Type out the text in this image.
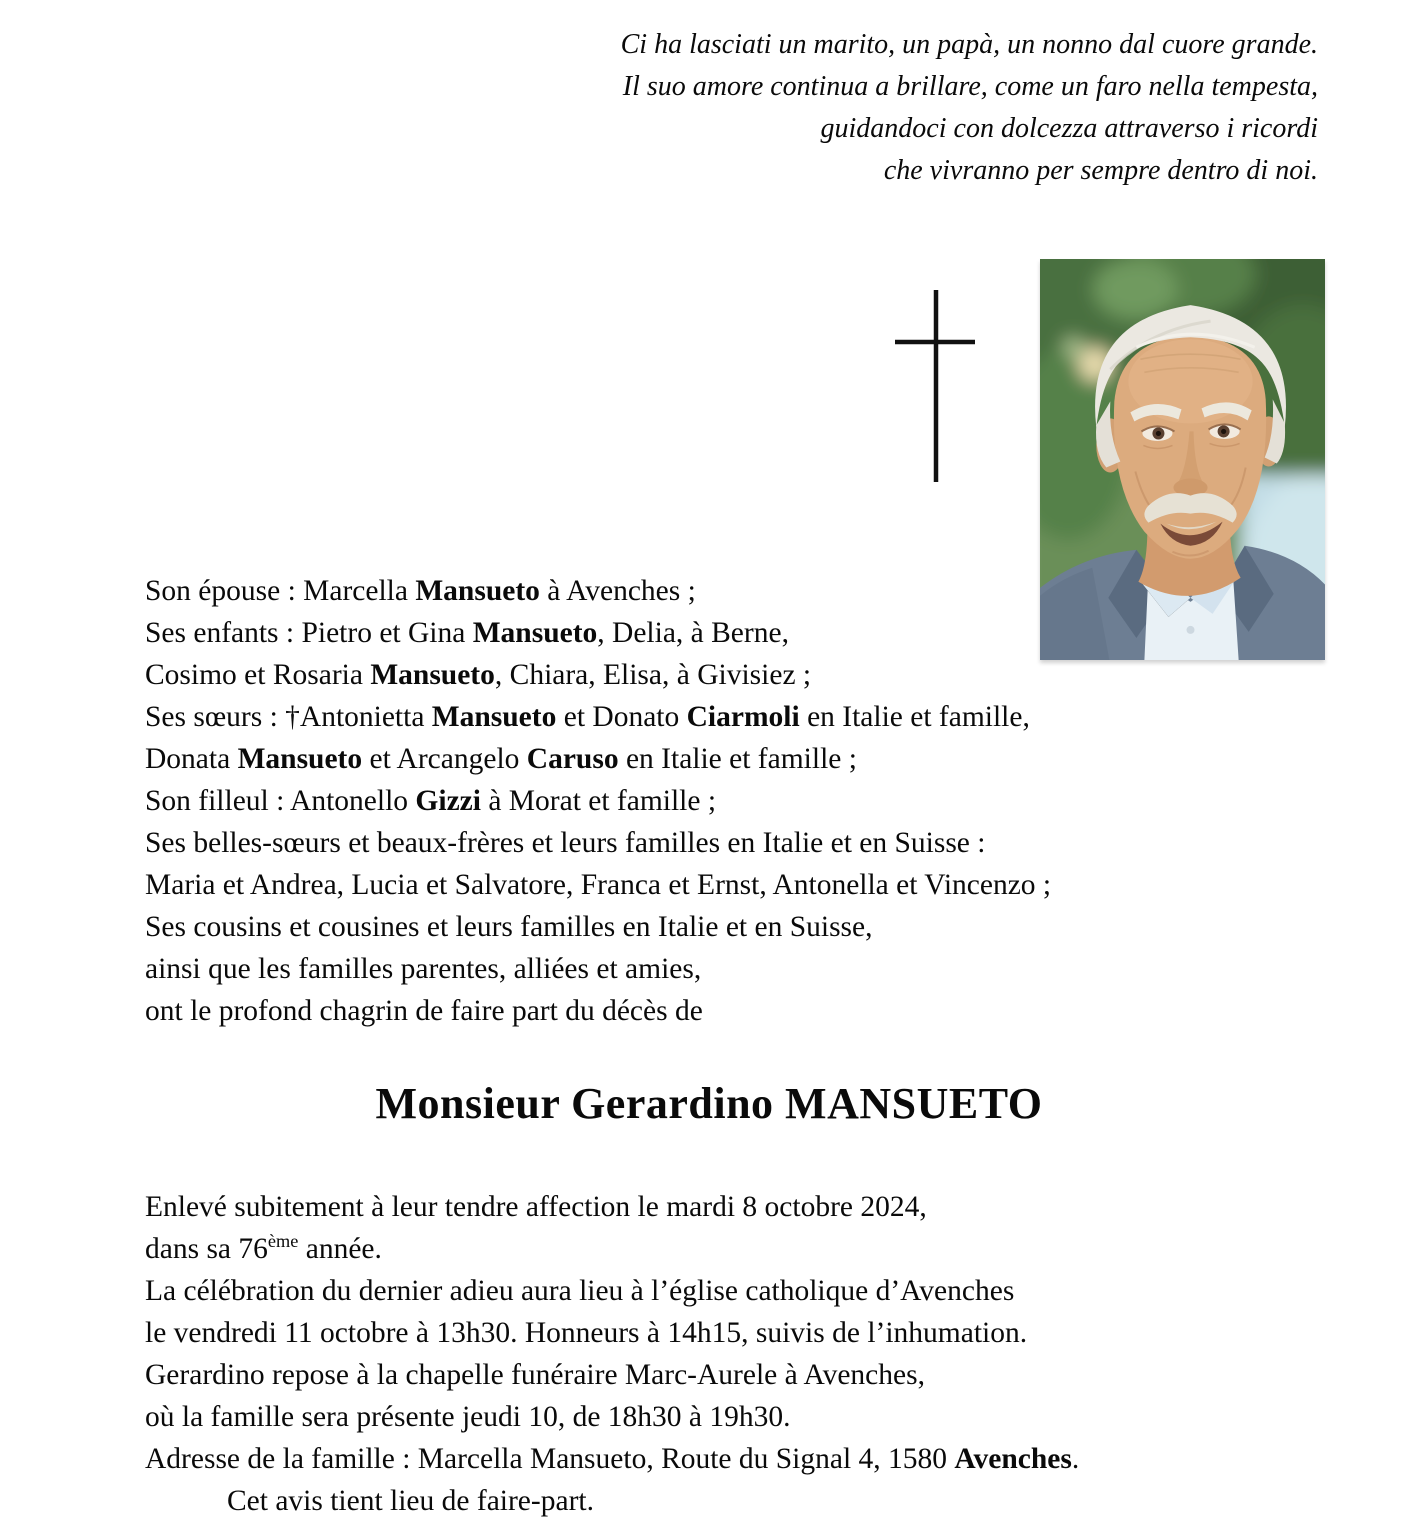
Ci ha lasciati un marito, un papà, un nonno dal cuore grande.
Il suo amore continua a brillare, come un faro nella tempesta,
guidandoci con dolcezza attraverso i ricordi
che vivranno per sempre dentro di noi.
Son épouse : Marcella Mansueto à Avenches ;
Ses enfants : Pietro et Gina Mansueto, Delia, à Berne,
Cosimo et Rosaria Mansueto, Chiara, Elisa, à Givisiez ;
Ses sœurs : †Antonietta Mansueto et Donato Ciarmoli en Italie et famille,
Donata Mansueto et Arcangelo Caruso en Italie et famille ;
Son filleul : Antonello Gizzi à Morat et famille ;
Ses belles-sœurs et beaux-frères et leurs familles en Italie et en Suisse :
Maria et Andrea, Lucia et Salvatore, Franca et Ernst, Antonella et Vincenzo ;
Ses cousins et cousines et leurs familles en Italie et en Suisse,
ainsi que les familles parentes, alliées et amies,
ont le profond chagrin de faire part du décès de
Monsieur Gerardino MANSUETO
Enlevé subitement à leur tendre affection le mardi 8 octobre 2024,
dans sa 76ème année.
La célébration du dernier adieu aura lieu à l’église catholique d’Avenches
le vendredi 11 octobre à 13h30. Honneurs à 14h15, suivis de l’inhumation.
Gerardino repose à la chapelle funéraire Marc-Aurele à Avenches,
où la famille sera présente jeudi 10, de 18h30 à 19h30.
Adresse de la famille : Marcella Mansueto, Route du Signal 4, 1580 Avenches.
Cet avis tient lieu de faire-part.
